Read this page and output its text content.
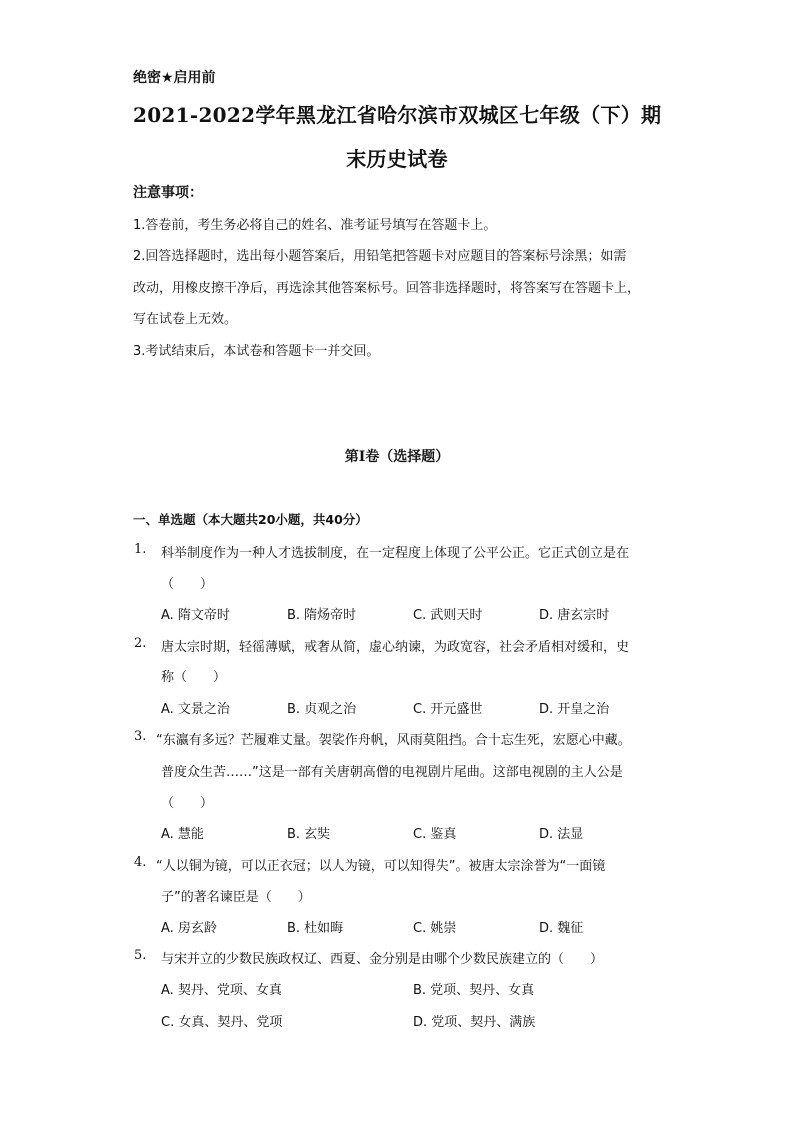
绝密★启用前
2021-2022学年黑龙江省哈尔滨市双城区七年级（下）期
末历史试卷
注意事项：
1.答卷前，考生务必将自己的姓名、准考证号填写在答题卡上。
2.回答选择题时，选出每小题答案后，用铅笔把答题卡对应题目的答案标号涂黑；如需
改动，用橡皮擦干净后，再选涂其他答案标号。回答非选择题时，将答案写在答题卡上，
写在试卷上无效。
3.考试结束后，本试卷和答题卡一并交回。
第I卷（选择题）
一、单选题（本大题共20小题，共40分）
1. 科举制度作为一种人才选拔制度，在一定程度上体现了公平公正。它正式创立是在
（　　）
A. 隋文帝时	B. 隋炀帝时	C. 武则天时	D. 唐玄宗时
2. 唐太宗时期，轻徭薄赋，戒奢从简，虚心纳谏，为政宽容，社会矛盾相对缓和，史
称（　　）
A. 文景之治	B. 贞观之治	C. 开元盛世	D. 开皇之治
3. “东瀛有多远？芒履难丈量。袈裟作舟帆，风雨莫阻挡。合十忘生死，宏愿心中藏。
普度众生苦……”这是一部有关唐朝高僧的电视剧片尾曲。这部电视剧的主人公是
（　　）
A. 慧能	B. 玄奘	C. 鉴真	D. 法显
4. “人以铜为镜，可以正衣冠；以人为镜，可以知得失”。被唐太宗涂誉为“一面镜
子”的著名谏臣是（　　）
A. 房玄龄	B. 杜如晦	C. 姚崇	D. 魏征
5. 与宋并立的少数民族政权辽、西夏、金分别是由哪个少数民族建立的（　　）
A. 契丹、党项、女真	B. 党项、契丹、女真
C. 女真、契丹、党项	D. 党项、契丹、满族
